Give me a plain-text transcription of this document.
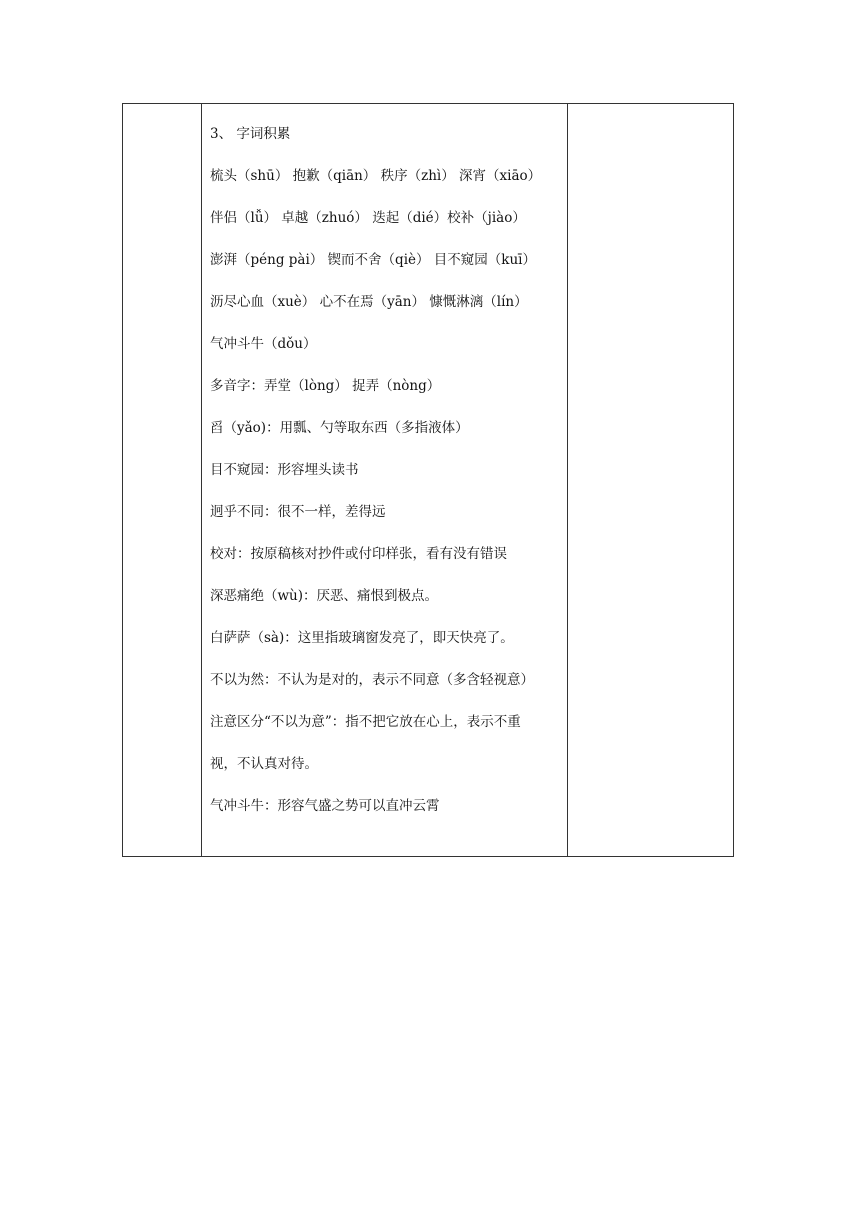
3、 字词积累
梳头（shū） 抱歉（qiān） 秩序（zhì） 深宵（xiāo）
伴侣（lǚ） 卓越（zhuó） 迭起（dié）校补（jiào）
澎湃（péng pài） 锲而不舍（qiè） 目不窥园（kuī）
沥尽心血（xuè） 心不在焉（yān） 慷慨淋漓（lín）
气冲斗牛（dǒu）
多音字：弄堂（lòng） 捉弄（nòng）
舀（yǎo)：用瓢、勺等取东西（多指液体）
目不窥园：形容埋头读书
迥乎不同：很不一样，差得远
校对：按原稿核对抄件或付印样张，看有没有错误
深恶痛绝（wù)：厌恶、痛恨到极点。
白萨萨（sà)：这里指玻璃窗发亮了，即天快亮了。
不以为然：不认为是对的，表示不同意（多含轻视意）
注意区分“不以为意”：指不把它放在心上，表示不重
视，不认真对待。
气冲斗牛：形容气盛之势可以直冲云霄
